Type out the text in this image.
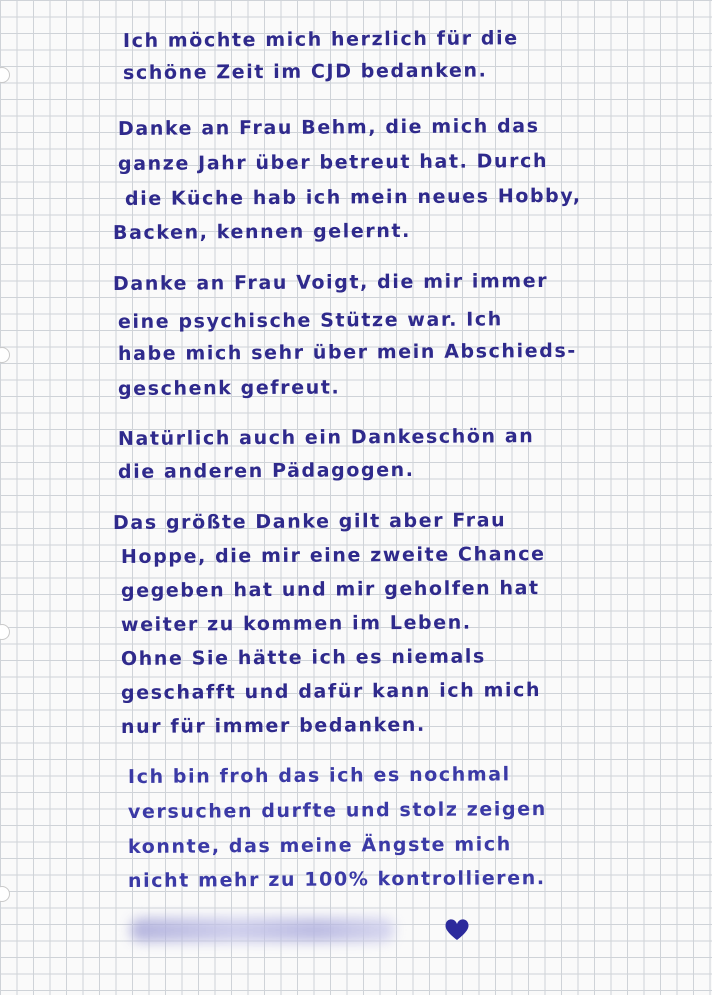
Ich möchte mich herzlich für die
schöne Zeit im CJD bedanken.
Danke an Frau Behm, die mich das
ganze Jahr über betreut hat. Durch
die Küche hab ich mein neues Hobby,
Backen, kennen gelernt.
Danke an Frau Voigt, die mir immer
eine psychische Stütze war. Ich
habe mich sehr über mein Abschieds-
geschenk gefreut.
Natürlich auch ein Dankeschön an
die anderen Pädagogen.
Das größte Danke gilt aber Frau
Hoppe, die mir eine zweite Chance
gegeben hat und mir geholfen hat
weiter zu kommen im Leben.
Ohne Sie hätte ich es niemals
geschafft und dafür kann ich mich
nur für immer bedanken.
Ich bin froh das ich es nochmal
versuchen durfte und stolz zeigen
konnte, das meine Ängste mich
nicht mehr zu 100% kontrollieren.
